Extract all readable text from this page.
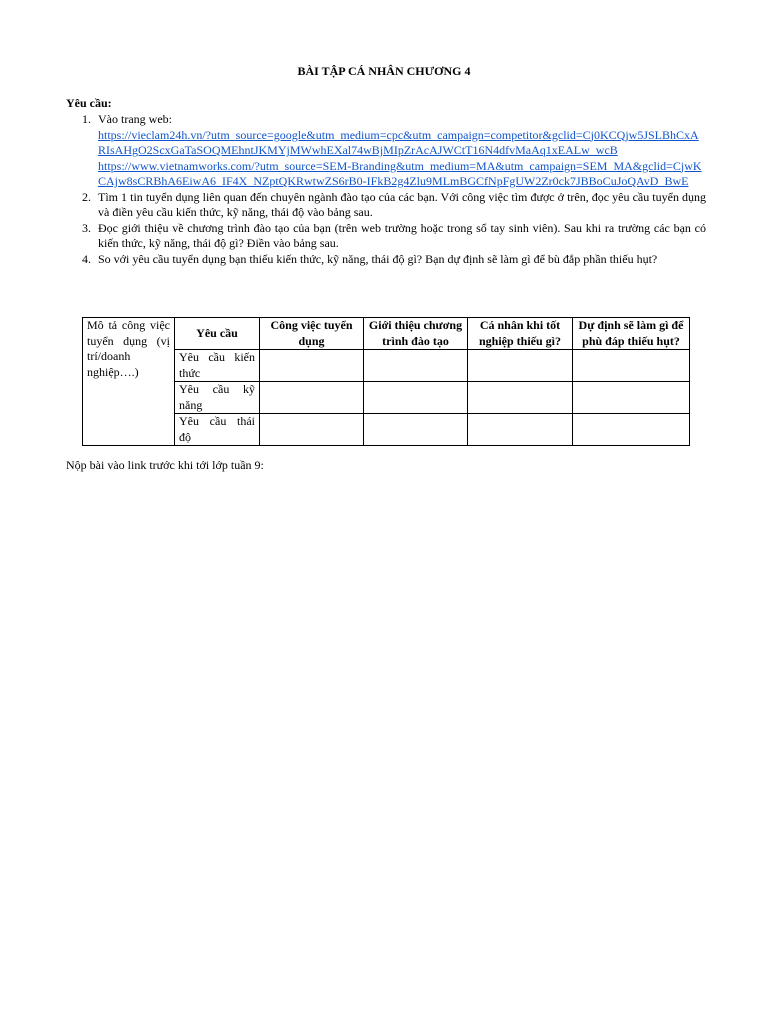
BÀI TẬP CÁ NHÂN CHƯƠNG 4
Yêu cầu:
1. Vào trang web:
https://vieclam24h.vn/?utm_source=google&utm_medium=cpc&utm_campaign=competitor&gclid=Cj0KCQjw5JSLBhCxARIsAHgO2ScxGaTaSOQMEhntJKMYjMWwhEXal74wBjMIpZrAcAJWCtT16N4dfvMaAq1xEALw_wcB
https://www.vietnamworks.com/?utm_source=SEM-Branding&utm_medium=MA&utm_campaign=SEM_MA&gclid=CjwKCAjw8sCRBhA6EiwA6_IF4X_NZptQKRwtwZS6rB0-IFkB2g4Zlu9MLmBGCfNpFgUW2Zr0ck7JBBoCuJoQAvD_BwE
2. Tìm 1 tin tuyển dụng liên quan đến chuyên ngành đào tạo của các bạn. Với công việc tìm được ở trên, đọc yêu cầu tuyển dụng và điền yêu cầu kiến thức, kỹ năng, thái độ vào bảng sau.
3. Đọc giới thiệu về chương trình đào tạo của bạn (trên web trường hoặc trong sổ tay sinh viên). Sau khi ra trường các bạn có kiến thức, kỹ năng, thái độ gì? Điền vào bảng sau.
4. So với yêu cầu tuyển dụng bạn thiếu kiến thức, kỹ năng, thái độ gì? Bạn dự định sẽ làm gì để bù đắp phần thiếu hụt?
Mô tả công việc tuyển dụng (vị trí/doanh nghiệp….)	Yêu cầu	Công việc tuyển dụng	Giới thiệu chương trình đào tạo	Cá nhân khi tốt nghiệp thiếu gì?	Dự định sẽ làm gì để phù đáp thiếu hụt?

	Yêu cầu kiến
thức				

	Yêu cầu kỹ
năng				

	Yêu cầu thái
độ				

Nộp bài vào link trước khi tới lớp tuần 9:
